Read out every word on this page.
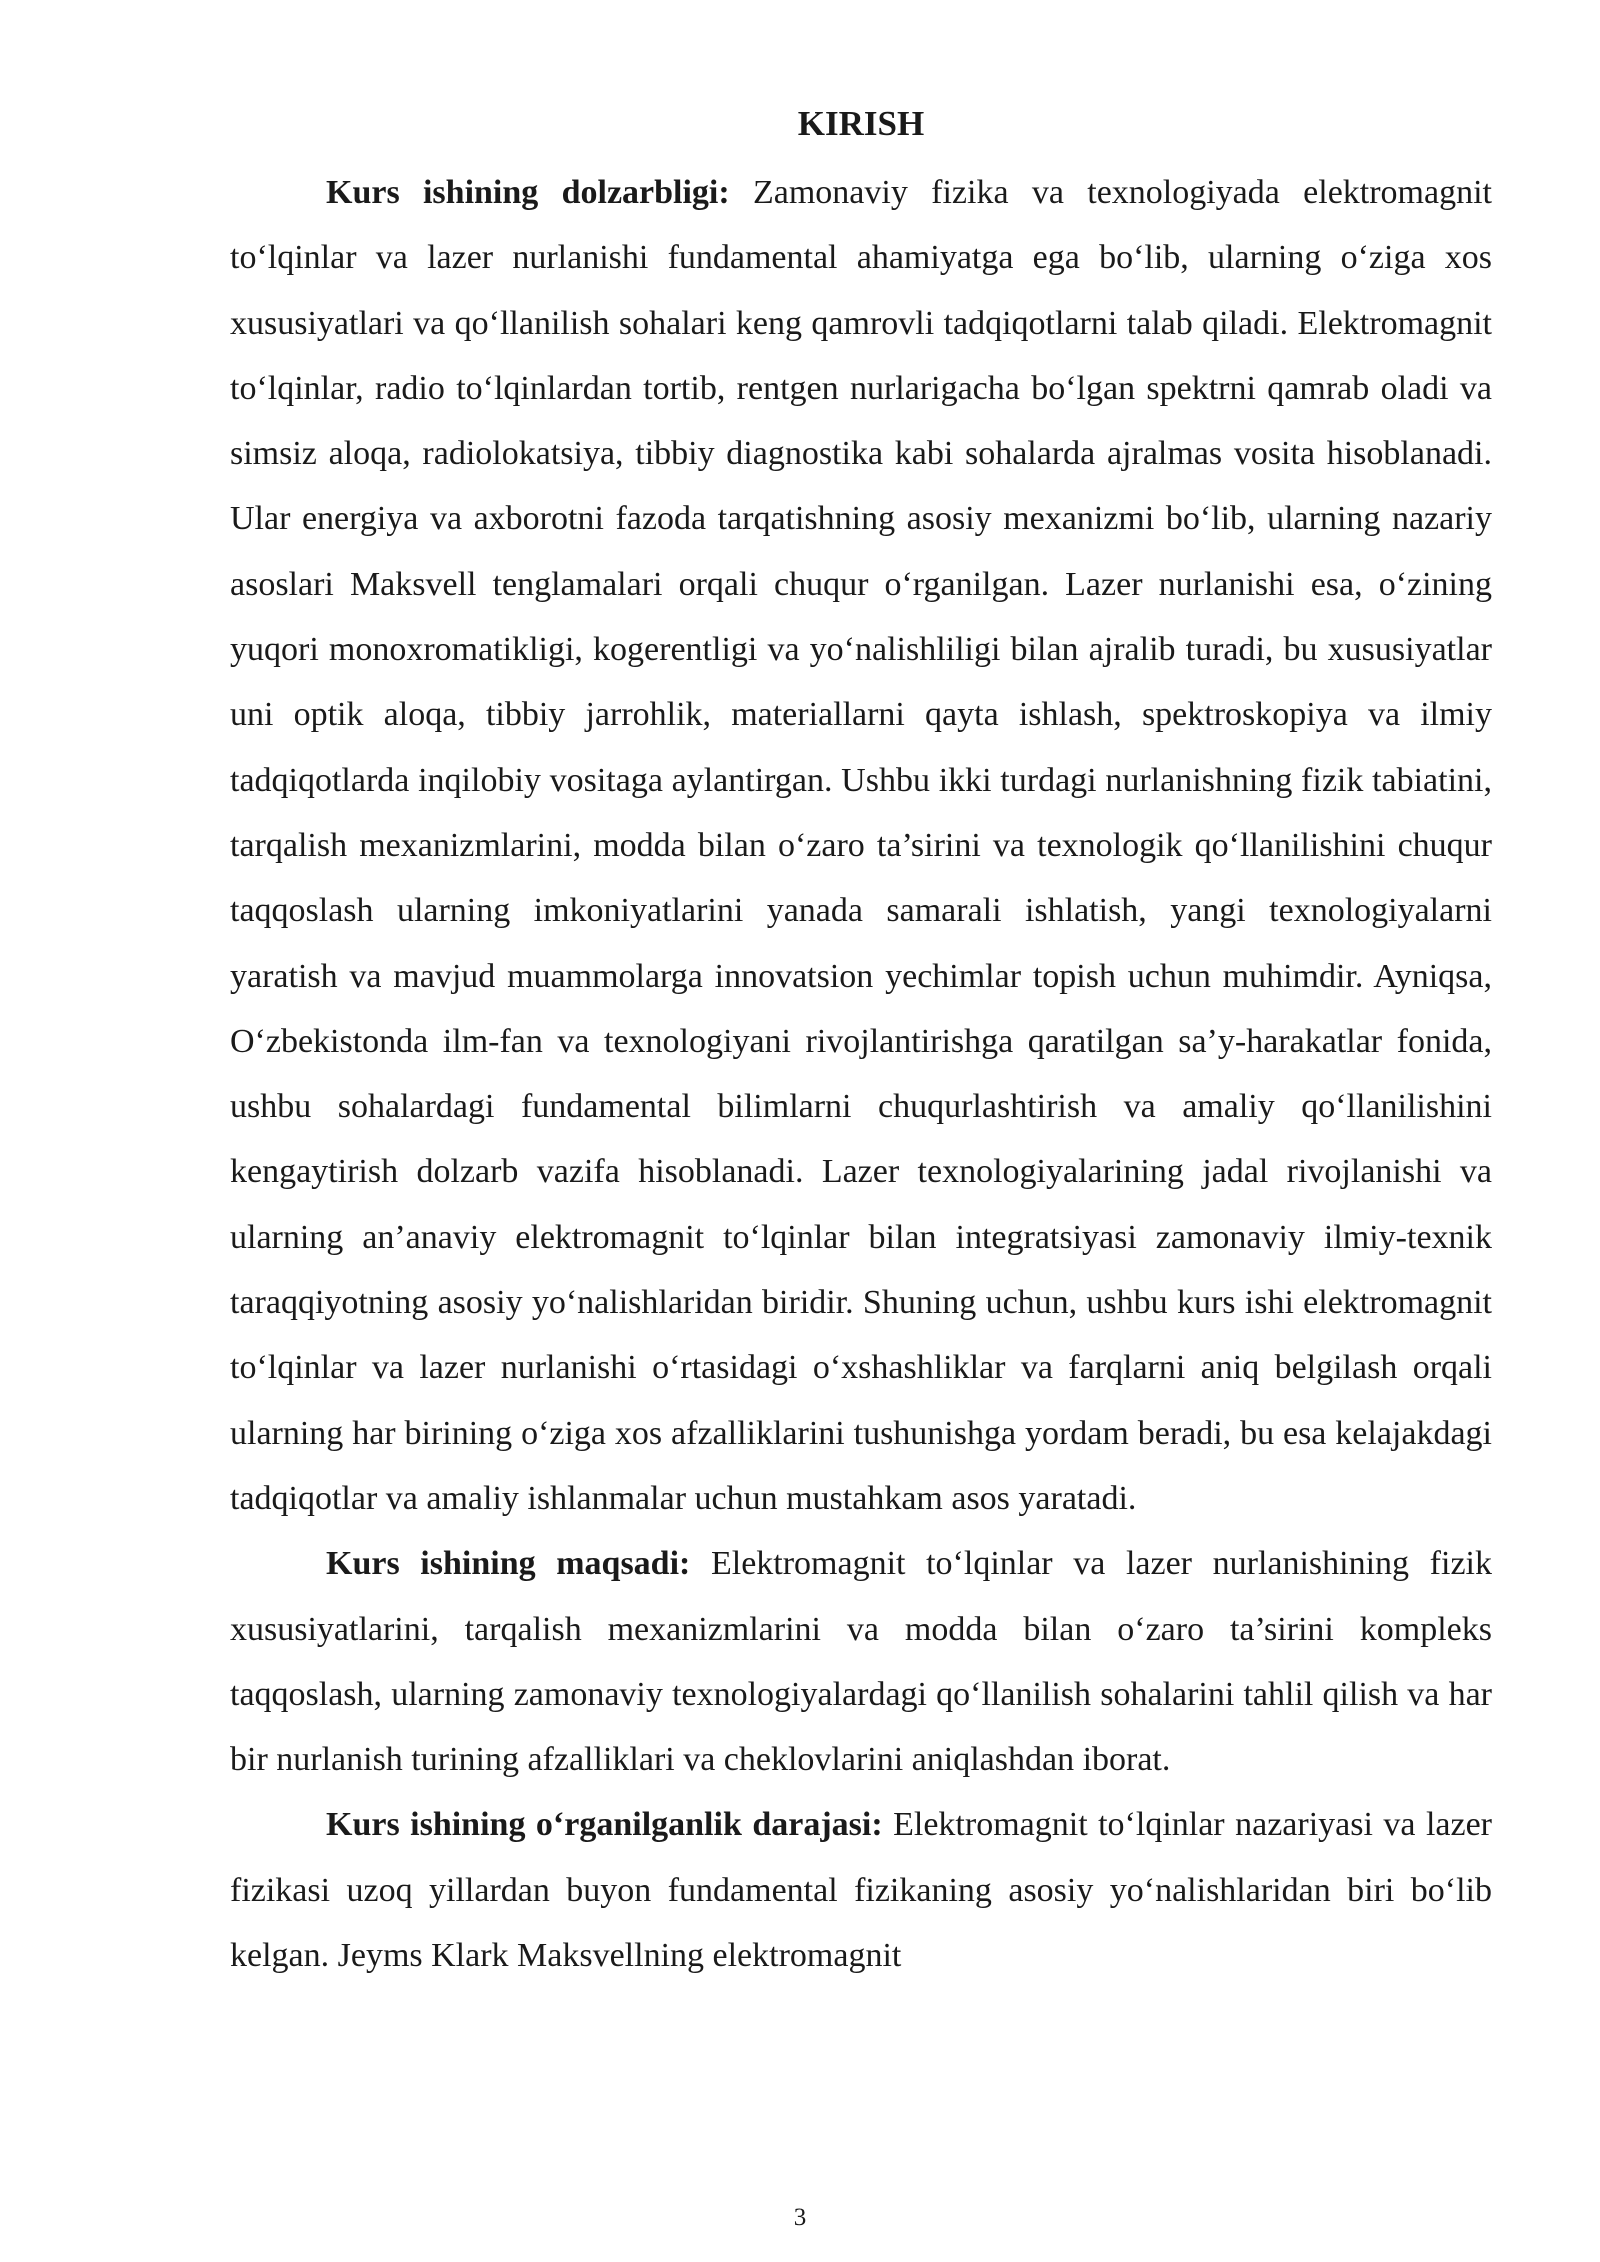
KIRISH

Kurs ishining dolzarbligi: Zamonaviy fizika va texnologiyada elektromagnit to‘lqinlar va lazer nurlanishi fundamental ahamiyatga ega bo‘lib, ularning o‘ziga xos xususiyatlari va qo‘llanilish sohalari keng qamrovli tadqiqotlarni talab qiladi. Elektromagnit to‘lqinlar, radio to‘lqinlardan tortib, rentgen nurlarigacha bo‘lgan spektrni qamrab oladi va simsiz aloqa, radiolokatsiya, tibbiy diagnostika kabi sohalarda ajralmas vosita hisoblanadi. Ular energiya va axborotni fazoda tarqatishning asosiy mexanizmi bo‘lib, ularning nazariy asoslari Maksvell tenglamalari orqali chuqur o‘rganilgan. Lazer nurlanishi esa, o‘zining yuqori monoxromatikligi, kogerentligi va yo‘nalishliligi bilan ajralib turadi, bu xususiyatlar uni optik aloqa, tibbiy jarrohlik, materiallarni qayta ishlash, spektroskopiya va ilmiy tadqiqotlarda inqilobiy vositaga aylantirgan. Ushbu ikki turdagi nurlanishning fizik tabiatini, tarqalish mexanizmlarini, modda bilan o‘zaro ta’sirini va texnologik qo‘llanilishini chuqur taqqoslash ularning imkoniyatlarini yanada samarali ishlatish, yangi texnologiyalarni yaratish va mavjud muammolarga innovatsion yechimlar topish uchun muhimdir. Ayniqsa, O‘zbekistonda ilm-fan va texnologiyani rivojlantirishga qaratilgan sa’y-harakatlar fonida, ushbu sohalardagi fundamental bilimlarni chuqurlashtirish va amaliy qo‘llanilishini kengaytirish dolzarb vazifa hisoblanadi. Lazer texnologiyalarining jadal rivojlanishi va ularning an’anaviy elektromagnit to‘lqinlar bilan integratsiyasi zamonaviy ilmiy-texnik taraqqiyotning asosiy yo‘nalishlaridan biridir. Shuning uchun, ushbu kurs ishi elektromagnit to‘lqinlar va lazer nurlanishi o‘rtasidagi o‘xshashliklar va farqlarni aniq belgilash orqali ularning har birining o‘ziga xos afzalliklarini tushunishga yordam beradi, bu esa kelajakdagi tadqiqotlar va amaliy ishlanmalar uchun mustahkam asos yaratadi.

Kurs ishining maqsadi: Elektromagnit to‘lqinlar va lazer nurlanishining fizik xususiyatlarini, tarqalish mexanizmlarini va modda bilan o‘zaro ta’sirini kompleks taqqoslash, ularning zamonaviy texnologiyalardagi qo‘llanilish sohalarini tahlil qilish va har bir nurlanish turining afzalliklari va cheklovlarini aniqlashdan iborat.

Kurs ishining o‘rganilganlik darajasi: Elektromagnit to‘lqinlar nazariyasi va lazer fizikasi uzoq yillardan buyon fundamental fizikaning asosiy yo‘nalishlaridan biri bo‘lib kelgan. Jeyms Klark Maksvellning elektromagnit

3
